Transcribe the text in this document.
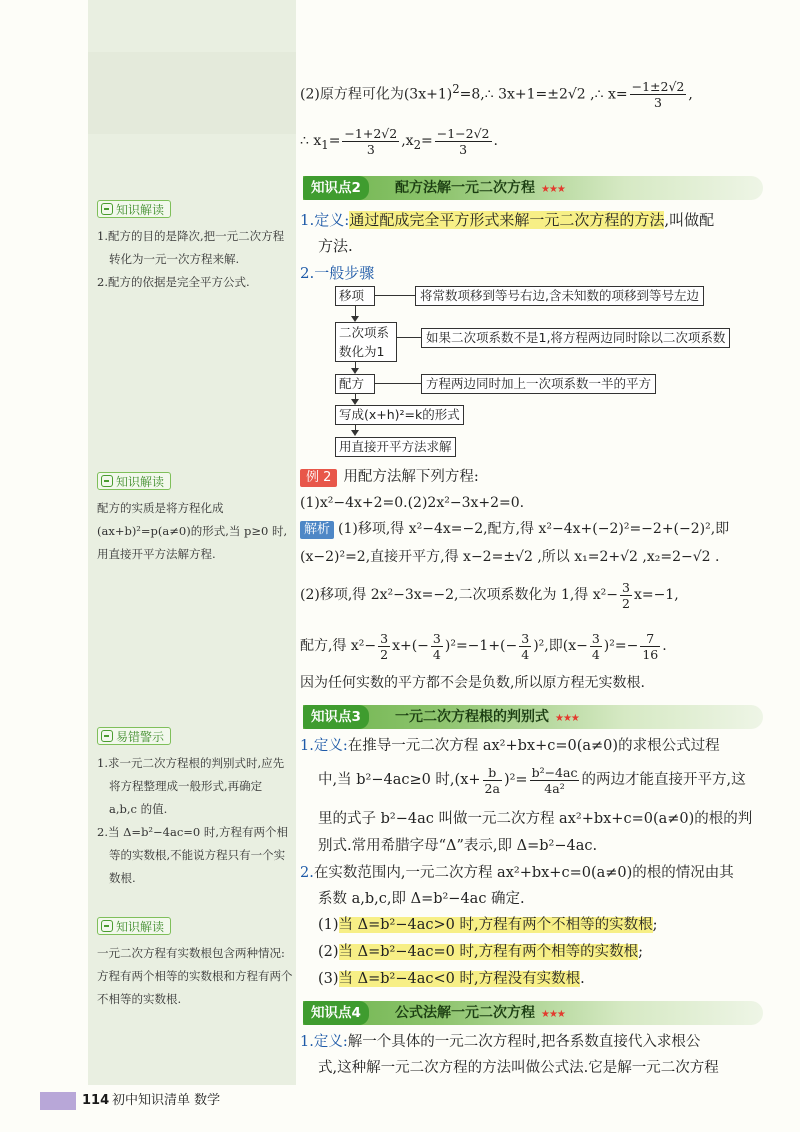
知识解读
1.配方的目的是降次,把一元二次方程转化为一元一次方程来解.
2.配方的依据是完全平方公式.
知识解读
配方的实质是将方程化成(ax+b)²=p(a≠0)的形式,当 p≥0 时,用直接开平方法解方程.
易错警示
1.求一元二次方程根的判别式时,应先将方程整理成一般形式,再确定 a,b,c 的值.
2.当 Δ=b²−4ac=0 时,方程有两个相等的实数根,不能说方程只有一个实数根.
知识解读
一元二次方程有实数根包含两种情况:方程有两个相等的实数根和方程有两个不相等的实数根.
(2)原方程可化为$(3x+1)^2=8,\therefore$ 3x+1=±2√2 ,∴ $x= \frac{-1\pm 2√2}{3}$ ,
∴ $x_1= \frac{-1+2√2}{3} ,x_2= \frac{-1-2√2}{3}$ .
知识点2	配方法解一元二次方程 ★★★
1.定义:通过配成完全平方形式来解一元二次方程的方法,叫做配
方法.
2.一般步骤
移项	将常数项移到等号右边,含未知数的项移到等号左边
二次项系
数化为1
如果二次项系数不是1,将方程两边同时除以二次项系数
配方	方程两边同时加上一次项系数一半的平方
写成(x+h)²=k的形式
用直接开平方法求解
例 2 用配方法解下列方程:
(1)x²−4x+2=0.(2)2x²−3x+2=0.
解析 (1)移项,得 x²−4x=−2,配方,得 x²−4x+(−2)²=−2+(−2)²,即
(x−2)²=2,直接开平方,得 x−2=±√2 ,所以 x₁=2+√2 ,x₂=2−√2 .
(2)移项,得 2x²−3x=−2,二次项系数化为 1,得 $x^2- \frac{3}{2} x=-1$,
配方,得 $x^2- \frac{3}{2} x+(- \frac{3}{4} )^2=-1+(- \frac{3}{4} )^2$,即$(x- \frac{3}{4} )^2=- \frac{7}{16}$ .
因为任何实数的平方都不会是负数,所以原方程无实数根.
知识点3	一元二次方程根的判别式 ★★★
1.定义:在推导一元二次方程 ax²+bx+c=0(a≠0)的求根公式过程
中,当 b²−4ac≥0 时$,(x+ \frac{b}{2a} )^2= \frac{\text{b²−4ac}}{\text{4a²}}$ 的两边才能直接开平方,这
里的式子 b²−4ac 叫做一元二次方程 ax²+bx+c=0(a≠0)的根的判
别式.常用希腊字母“Δ”表示,即 Δ=b²−4ac.
2.在实数范围内,一元二次方程 ax²+bx+c=0(a≠0)的根的情况由其
系数 a,b,c,即 Δ=b²−4ac 确定.
(1)当 Δ=b²−4ac>0 时,方程有两个不相等的实数根;
(2)当 Δ=b²−4ac=0 时,方程有两个相等的实数根;
(3)当 Δ=b²−4ac<0 时,方程没有实数根.
知识点4	公式法解一元二次方程 ★★★
1.定义:解一个具体的一元二次方程时,把各系数直接代入求根公
式,这种解一元二次方程的方法叫做公式法.它是解一元二次方程
114 初中知识清单 数学
